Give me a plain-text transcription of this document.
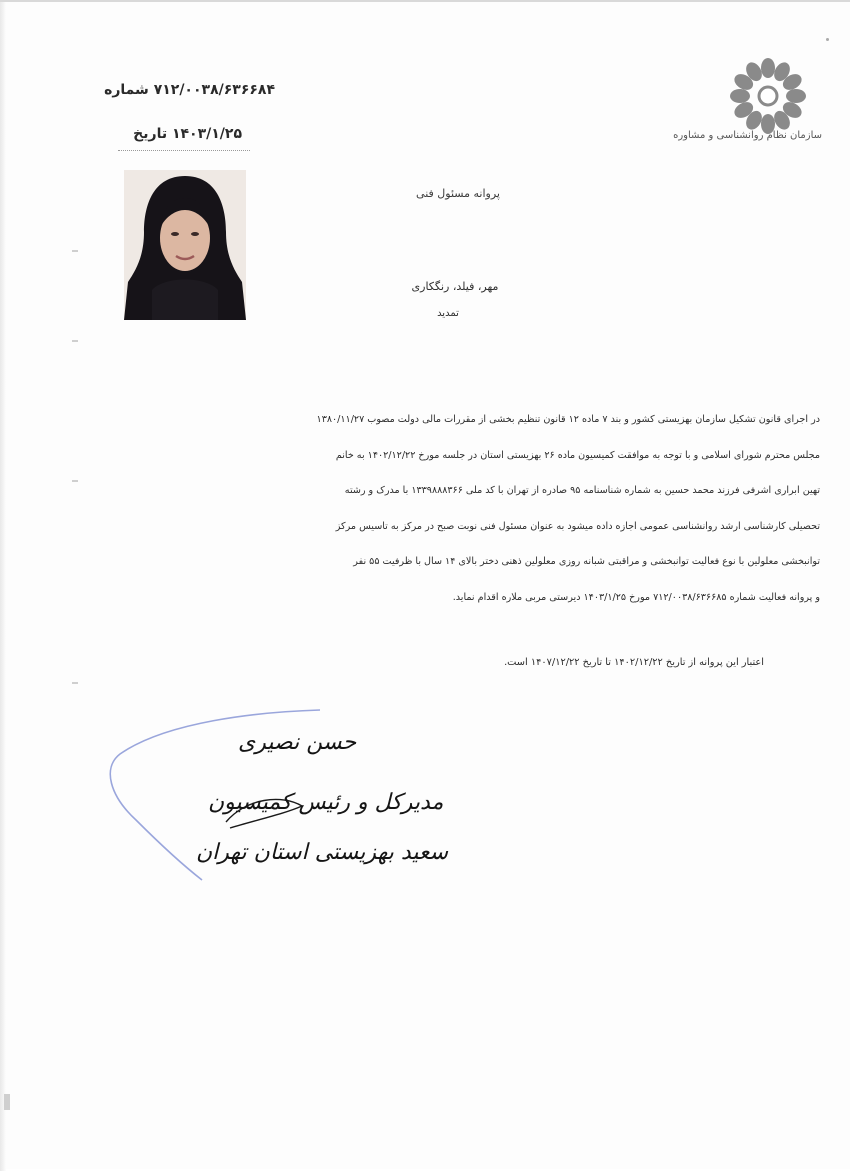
۷۱۲/۰۰۳۸/۶۳۶۶۸۴ شماره
۱۴۰۳/۱/۲۵ تاریخ	سازمان نظام روانشناسی و مشاوره
پروانه مسئول فنی
مهر، فیلد، رنگکاری
تمدید
در اجرای قانون تشکیل سازمان بهزیستی کشور و بند ۷ ماده ۱۲ قانون تنظیم بخشی از مقررات مالی دولت مصوب ۱۳۸۰/۱۱/۲۷
مجلس محترم شورای اسلامی و با توجه به موافقت کمیسیون ماده ۲۶ بهزیستی استان در جلسه مورخ ۱۴۰۲/۱۲/۲۲ به خانم
تهین ابراری اشرفی فرزند محمد حسین به شماره شناسنامه ۹۵ صادره از تهران با کد ملی ۱۳۳۹۸۸۸۳۶۶ با مدرک و رشته
تحصیلی کارشناسی ارشد روانشناسی عمومی اجازه داده میشود به عنوان مسئول فنی نوبت صبح در مرکز به تاسیس مرکز
توانبخشی معلولین با نوع فعالیت توانبخشی و مراقبتی شبانه روزی معلولین ذهنی دختر بالای ۱۴ سال با ظرفیت ۵۵ نفر
و پروانه فعالیت شماره ۷۱۲/۰۰۳۸/۶۳۶۶۸۵ مورخ ۱۴۰۳/۱/۲۵ دیرستی مربی ملاره اقدام نماید.
اعتبار این پروانه از تاریخ ۱۴۰۲/۱۲/۲۲ تا تاریخ ۱۴۰۷/۱۲/۲۲ است.
حسن نصیری
مدیرکل و رئیس کمیسیون
سعید بهزیستی استان تهران
